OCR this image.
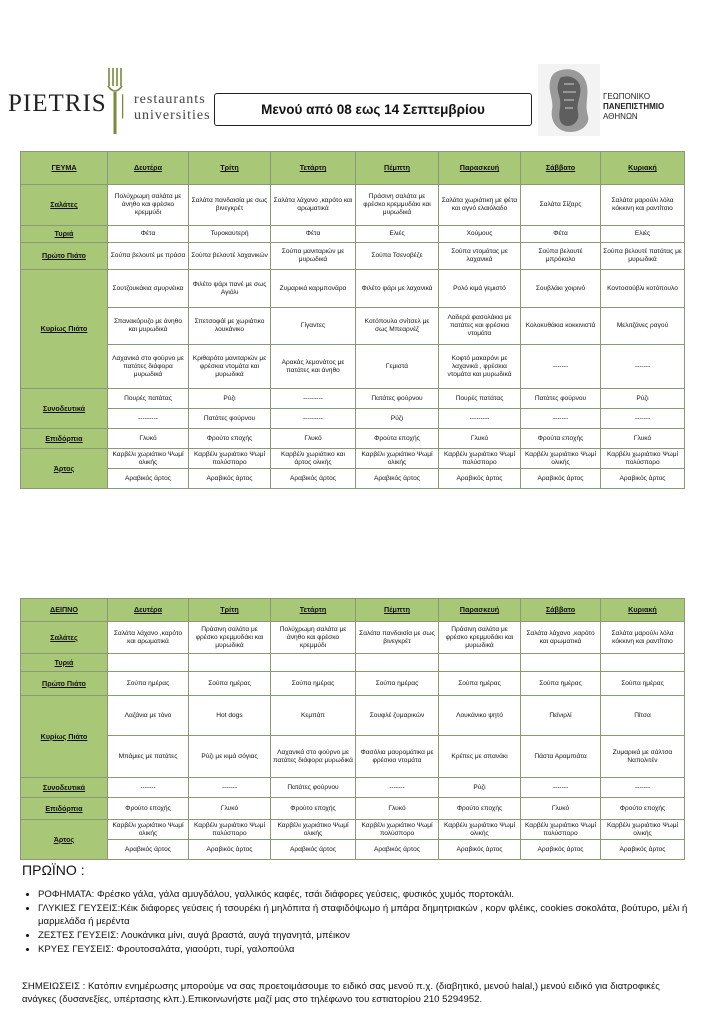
PIETRIS | restaurants
universities	Μενού από 08 εως 14 Σεπτεμβρίου
ΓΕΩΠΟΝΙΚΟ
ΠΑΝΕΠΙΣΤΗΜΙΟ
ΑΘΗΝΩΝ
ΓΕΥΜΑ	Δευτέρα	Τρίτη	Τετάρτη	Πέμπτη	Παρασκευή	Σάββατο	Κυριακή
Σαλάτες	Πολύχρωμη σαλάτα με άνηθο και φρέσκο κρεμμύδι	Σαλάτα πανδαισία με σως βινεγκρέτ	Σαλάτα λάχανο ,καρότο και αρωματικά	Πράσινη σαλάτα με φρέσκο κρεμμυδάκι και μυρωδικά	Σαλάτα χωριάτικη με φέτα και αγνό ελαιόλαδο	Σαλάτα Σίζαρς	Σαλάτα μαρούλι λόλα κόκκινη και ραντίτσιο
Τυριά	Φέτα	Τυροκαυτερή	Φέτα	Ελιές	Χούμους	Φέτα	Ελιές
Πρώτο Πιάτο	Σούπα βελουτέ με πράσα	Σούπα βελουτέ λαχανικών	Σούπα μανιταριών με μυρωδικά	Σούπα Τσενοβέζε	Σούπα ντομάτας με λαχανικά	Σούπα βελουτέ μπρόκολο	Σούπα βελουτέ πατάτας με μυρωδικά
Κυρίως Πιάτο	Σουτζουκάκια σμυρνέικα	Φιλέτο ψάρι πανέ με σως Αγιόλι	Ζυμαρικά καρμπονάρα	Φιλέτο ψάρι με λαχανικά	Ρολό κιμά γεμιστό	Σουβλάκι χοιρινό	Κοντοσούβλι κοτόπουλο
	Σπανακόρυζο με άνηθο και μυρωδικά	Σπετσοφάϊ με χωριάτικο λουκάνικο	Γίγαντες	Κοτόπουλο σνίτσελ με σως Μπεαρνέζ	Λαδερά φασολάκια με πατάτες και φρέσκια ντομάτα	Κολοκυθάκια κοκκινιστά	Μελιτζάνες ραγού
	Λαχανικά στο φούρνο με πατάτες διάφορα μυρωδικά	Κριθαρότο μανιταριών με φρέσκια ντομάτα και μυρωδικά	Αρακάς λεμονάτος με πατάτες και άνηθο	Γεμιστά	Κοφτό μακαρόνι με λαχανικά , φρέσκια ντομάτα και μυρωδικά	-------	-------
Συνοδευτικά	Πουρές πατάτας	Ρύζι	---------	Πατάτες φούρνου	Πουρές πατάτας	Πατάτες φούρνου	Ρύζι
	---------	Πατάτες φούρνου	---------	Ρύζι	---------	-------	-------
Επιδόρπια	Γλυκό	Φρούτο εποχής	Γλυκό	Φρούτα εποχής	Γλυκό	Φρούτα εποχής	Γλυκό
Άρτος	Καρβέλι χωριάτικο Ψωμί ολικής	Καρβέλι χωριάτικο Ψωμί πολύσπορο	Καρβέλι χωριάτικο και άρτος ολικής	Καρβέλι χωριάτικο Ψωμί ολικής	Καρβέλι χωριάτικο Ψωμί πολύσπορο	Καρβέλι χωριάτικο Ψωμί ολικής	Καρβέλι χωριάτικο Ψωμί πολύσπορο
	Αραβικός άρτος	Αραβικός άρτος	Αραβικός άρτος	Αραβικός άρτος	Αραβικός άρτος	Αραβικός άρτος	Αραβικός άρτος
ΔΕΙΠΝΟ	Δευτέρα	Τρίτη	Τετάρτη	Πέμπτη	Παρασκευή	Σάββατο	Κυριακή
Σαλάτες	Σαλάτα λάχανο ,καρότο και αρωματικά	Πράσινη σαλάτα με φρέσκο κρεμμυδάκι και μυρωδικά	Πολύχρωμη σαλάτα με άνηθο και φρέσκο κρεμμύδι	Σαλάτα πανδαισία με σως βινεγκρέτ	Πράσινη σαλάτα με φρέσκο κρεμμυδάκι και μυρωδικά	Σαλάτα λάχανο ,καρότο και αρωματικά	Σαλάτα μαρούλι λόλα κόκκινη και ραντίτσιο
Τυριά							
Πρώτο Πιάτο	Σούπα ημέρας	Σούπα ημέρας	Σούπα ημέρας	Σούπα ημέρας	Σούπα ημέρας	Σούπα ημέρας	Σούπα ημέρας
Κυρίως Πιάτο	Λαζάνια με τόνο	Hot dogs	Κεμπάπ	Σουφλέ ζυμαρικών	Λουκάνικο ψητό	Πεϊνιρλί	Πίτσα
	Μπάμιες με πατάτες	Ρύζι με κιμά σόγιας	Λαχανικά στο φούρνο με πατάτες διάφορα μυρωδικά	Φασόλια μαυρομάτικα με φρέσκια ντομάτα	Κρέπες με σπανάκι	Πάστα Αραμπιάτα	Ζυμαρικά με σάλτσα Ναπολιτέν
Συνοδευτικά	-------	-------	Πατάτες φούρνου	-------	Ρύζι	-------	-------
Επιδόρπια	Φρούτο εποχής	Γλυκό	Φρούτο εποχής	Γλυκό	Φρούτο εποχής	Γλυκό	Φρούτο εποχής
Άρτος	Καρβέλι χωριάτικο Ψωμί ολικής	Καρβέλι χωριάτικο Ψωμί πολύσπορο	Καρβέλι χωριάτικο Ψωμί ολικής	Καρβέλι χωριάτικο Ψωμί πολύσπορο	Καρβέλι χωριάτικο Ψωμί ολικής	Καρβέλι χωριάτικο Ψωμί πολύσπορο	Καρβέλι χωριάτικο Ψωμί ολικής
	Αραβικός άρτος	Αραβικός άρτος	Αραβικός άρτος	Αραβικός άρτος	Αραβικός άρτος	Αραβικός άρτος	Αραβικός άρτος
ΠΡΩΪΝΟ :
• ΡΟΦΗΜΑΤΑ: Φρέσκο γάλα, γάλα αμυγδάλου, γαλλικός καφές, τσάι διάφορες γεύσεις, φυσικός χυμός πορτοκάλι.
• ΓΛΥΚΙΕΣ ΓΕΥΣΕΙΣ:Κέικ διάφορες γεύσεις ή τσουρέκι ή μηλόπιτα ή σταφιδόψωμο ή μπάρα δημητριακών , κορν φλέικς, cookies σοκολάτα, βούτυρο, μέλι ή μαρμελάδα ή μερέντα
• ΖΕΣΤΕΣ ΓΕΥΣΕΙΣ: Λουκάνικα μίνι, αυγά βραστά, αυγά τηγανητά, μπέικον
• ΚΡΥΕΣ ΓΕΥΣΕΙΣ: Φρουτοσαλάτα, γιαούρτι, τυρί, γαλοπούλα
ΣΗΜΕΙΩΣΕΙΣ : Κατόπιν ενημέρωσης μπορούμε να σας προετοιμάσουμε το ειδικό σας μενού π.χ. (διαβητικό, μενού halal,) μενού ειδικό για διατροφικές ανάγκες (δυσανεξίες, υπέρτασης κλπ.).Επικοινωνήστε μαζί μας στο τηλέφωνο του εστιατορίου 210 5294952.
